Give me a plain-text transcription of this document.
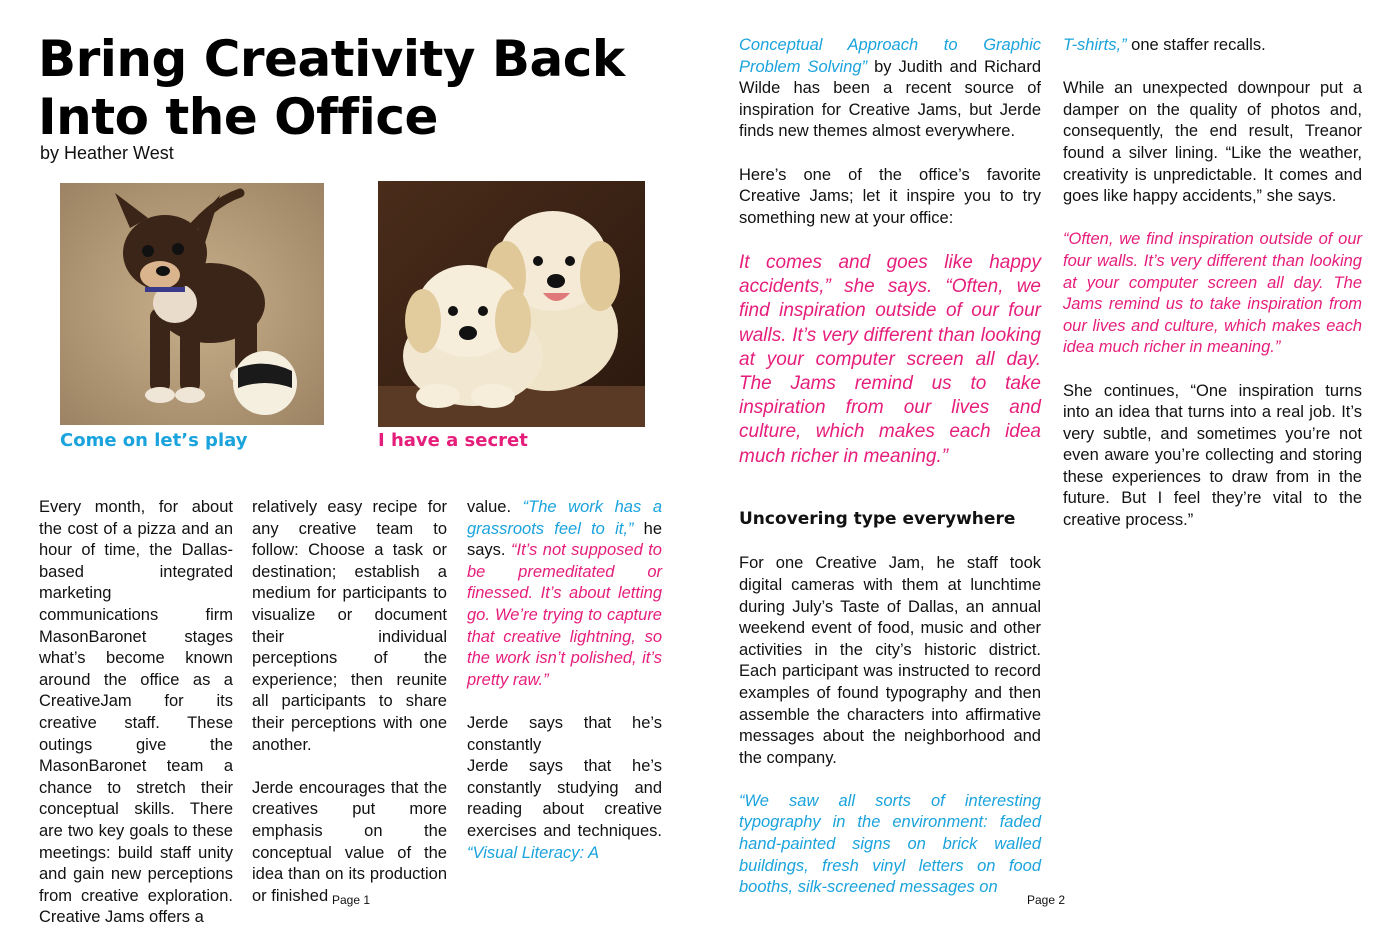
Bring Creativity Back Into the Office
by Heather West
Come on let’s play	I have a secret

Every month, for about the cost of a pizza and an hour of time, the Dallas-based integrated marketing communications firm MasonBaronet stages what’s become known around the office as a CreativeJam for its creative staff. These outings give the MasonBaronet team a chance to stretch their conceptual skills. There are two key goals to these meetings: build staff unity and gain new perceptions from creative exploration. Creative Jams offers a

relatively easy recipe for any creative team to follow: Choose a task or destination; establish a medium for participants to visualize or document their individual perceptions of the experience; then reunite all participants to share their perceptions with one another.

Jerde encourages that the creatives put more emphasis on the conceptual value of the idea than on its production or finished

value. “The work has a grassroots feel to it,” he says. “It’s not supposed to be premeditated or finessed. It’s about letting go. We’re trying to capture that creative lightning, so the work isn’t polished, it’s pretty raw.”

Jerde says that he’s constantly

Jerde says that he’s constantly studying and reading about creative exercises and techniques. “Visual Literacy: A

Page 1

Conceptual Approach to Graphic Problem Solving” by Judith and Richard Wilde has been a recent source of inspiration for Creative Jams, but Jerde finds new themes almost everywhere.

Here’s one of the office’s favorite Creative Jams; let it inspire you to try something new at your office:

It comes and goes like happy accidents,” she says. “Often, we find inspiration outside of our four walls. It’s very different than looking at your computer screen all day. The Jams remind us to take inspiration from our lives and culture, which makes each idea much richer in meaning.”

Uncovering type everywhere

For one Creative Jam, he staff took digital cameras with them at lunchtime during July’s Taste of Dallas, an annual weekend event of food, music and other activities in the city’s historic district. Each participant was instructed to record examples of found typography and then assemble the characters into affirmative messages about the neighborhood and the company.

“We saw all sorts of interesting typography in the environment: faded hand-painted signs on brick walled buildings, fresh vinyl letters on food booths, silk-screened messages on

T-shirts,” one staffer recalls.

While an unexpected downpour put a damper on the quality of photos and, consequently, the end result, Treanor found a silver lining. “Like the weather, creativity is unpredictable. It comes and goes like happy accidents,” she says.

“Often, we find inspiration outside of our four walls. It’s very different than looking at your computer screen all day. The Jams remind us to take inspiration from our lives and culture, which makes each idea much richer in meaning.”

She continues, “One inspiration turns into an idea that turns into a real job. It’s very subtle, and sometimes you’re not even aware you’re collecting and storing these experiences to draw from in the future. But I feel they’re vital to the creative process.”

Page 2
